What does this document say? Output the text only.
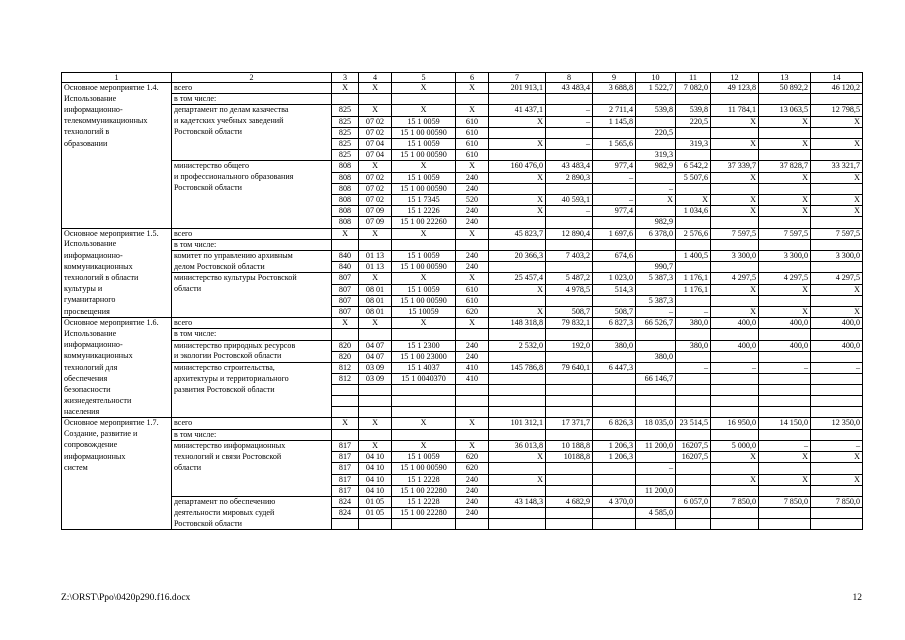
1	2	3	4	5	6	7	8	9	10	11	12	13	14
Основное мероприятие 1.4.	всего	X	X	X	X	201 913,1	43 483,4	3 688,8	1 522,7	7 082,0	49 123,8	50 892,2	46 120,2
Использование	в том числе:												
информационно-	департамент по делам казачества	825	X	X	X	41 437,1	–	2 711,4	539,8	539,8	11 784,1	13 063,5	12 798,5
телекоммуникационных	и кадетских учебных заведений	825	07 02	15 1 0059	610	X	–	1 145,8		220,5	X	X	X
технологий в	Ростовской области	825	07 02	15 1 00 00590	610				220,5				
образовании		825	07 04	15 1 0059	610	X	–	1 565,6		319,3	X	X	X
		825	07 04	15 1 00 00590	610				319,3				
	министерство общего	808	X	X	X	160 476,0	43 483,4	977,4	982,9	6 542,2	37 339,7	37 828,7	33 321,7
	и профессионального образования	808	07 02	15 1 0059	240	X	2 890,3	–		5 507,6	X	X	X
	Ростовской области	808	07 02	15 1 00 00590	240				–				
		808	07 02	15 1 7345	520	X	40 593,1	–	X	X	X	X	X
		808	07 09	15 1 2226	240	X	–	977,4		1 034,6	X	X	X
		808	07 09	15 1 00 22260	240				982,9				
Основное мероприятие 1.5.	всего	X	X	X	X	45 823,7	12 890,4	1 697,6	6 378,0	2 576,6	7 597,5	7 597,5	7 597,5
Использование	в том числе:												
информационно-	комитет по управлению архивным	840	01 13	15 1 0059	240	20 366,3	7 403,2	674,6		1 400,5	3 300,0	3 300,0	3 300,0
коммуникационных	делом Ростовской области	840	01 13	15 1 00 00590	240				990,7				
технологий в области	министерство культуры Ростовской	807	X	X	X	25 457,4	5 487,2	1 023,0	5 387,3	1 176,1	4 297,5	4 297,5	4 297,5
культуры и	области	807	08 01	15 1 0059	610	X	4 978,5	514,3		1 176,1	X	X	X
гуманитарного		807	08 01	15 1 00 00590	610				5 387,3				
просвещения		807	08 01	15 10059	620	X	508,7	508,7	–	–	X	X	X
Основное мероприятие 1.6.	всего	X	X	X	X	148 318,8	79 832,1	6 827,3	66 526,7	380,0	400,0	400,0	400,0
Использование	в том числе:												
информационно-	министерство природных ресурсов	820	04 07	15 1 2300	240	2 532,0	192,0	380,0		380,0	400,0	400,0	400,0
коммуникационных	и экологии Ростовской области	820	04 07	15 1 00 23000	240				380,0				
технологий для	министерство строительства,	812	03 09	15 1 4037	410	145 786,8	79 640,1	6 447,3		–	–	–	–
обеспечения	архитектуры и территориального	812	03 09	15 1 0040370	410				66 146,7				
безопасности	развития Ростовской области												
жизнедеятельности													
населения													
Основное мероприятие 1.7.	всего	X	X	X	X	101 312,1	17 371,7	6 826,3	18 035,0	23 514,5	16 950,0	14 150,0	12 350,0
Создание, развитие и	в том числе:												
сопровождение	министерство информационных	817	X	X	X	36 013,8	10 188,8	1 206,3	11 200,0	16207,5	5 000,0	–	–
информационных	технологий и связи Ростовской	817	04 10	15 1 0059	620	X	10188,8	1 206,3		16207,5	X	X	X
систем	области	817	04 10	15 1 00 00590	620				–				
		817	04 10	15 1 2228	240	X					X	X	X
		817	04 10	15 1 00 22280	240				11 200,0				
	департамент по обеспечению	824	01 05	15 1 2228	240	43 148,3	4 682,9	4 370,0		6 057,0	7 850,0	7 850,0	7 850,0
	деятельности мировых судей	824	01 05	15 1 00 22280	240				4 585,0				
	Ростовской области												
Z:\ORST\Ppo\0420p290.f16.docx	12
